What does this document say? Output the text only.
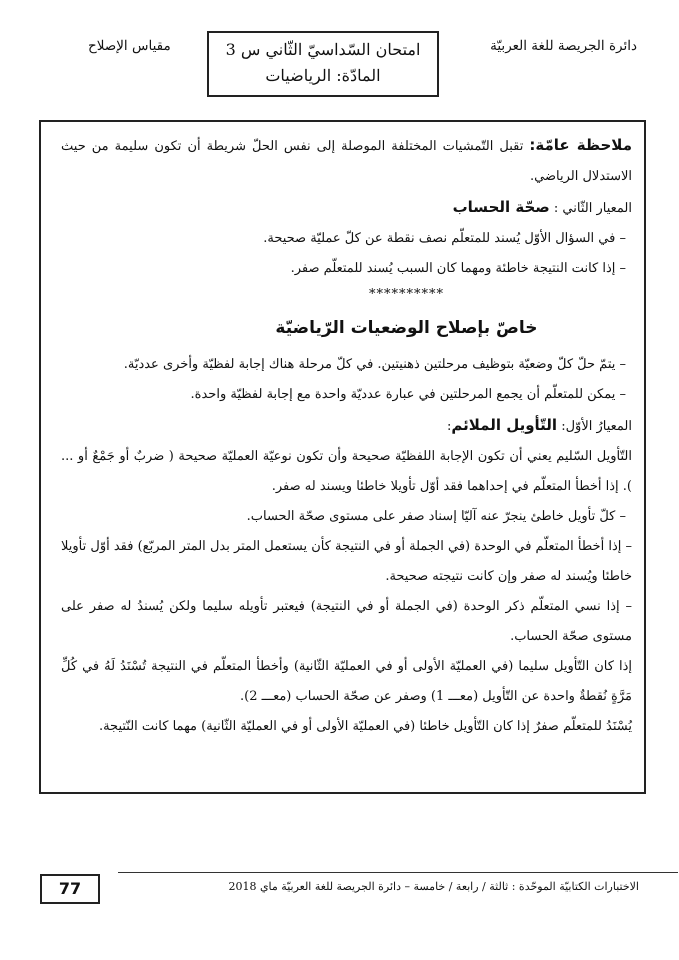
دائرة الجريصة للغة العربيّة
مقياس الإصلاح	امتحان السّداسيّ الثّاني س 3
المادّة: الرياضيات

ملاحظة عامّة: تقبل التّمشيات المختلفة الموصلة إلى نفس الحلّ شريطة أن تكون سليمة من حيث الاستدلال الرياضي.

المعيار الثّاني : صحّة الحساب

– في السؤال الأوّل يُسند للمتعلّم نصف نقطة عن كلّ عمليّة صحيحة.

– إذا كانت النتيجة خاطئة ومهما كان السبب يُسند للمتعلّم صفر.

**********
خاصّ بإصلاح الوضعيات الرّياضيّة

– يتمّ حلّ كلّ وضعيّة بتوظيف مرحلتين ذهنيتين. في كلّ مرحلة هناك إجابة لفظيّة وأخرى عدديّة.

– يمكن للمتعلّم أن يجمع المرحلتين في عبارة عدديّة واحدة مع إجابة لفظيّة واحدة.

المعيارُ الأوّل: التّأويل الملائم:

التّأويل السّليم يعني أن تكون الإجابة اللفظيّة صحيحة وأن تكون نوعيّة العمليّة صحيحة ( ضربٌ أو جَمْعٌ أو ... ). إذا أخطأ المتعلّم في إحداهما فقد أوّل تأويلا خاطئا ويسند له صفر.

– كلّ تأويل خاطئ ينجرّ عنه آليّا إسناد صفر على مستوى صحّة الحساب.

– إذا أخطأ المتعلّم في الوحدة (في الجملة أو في النتيجة كأن يستعمل المتر بدل المتر المربّع) فقد أوّل تأويلا خاطئا ويُسند له صفر وإن كانت نتيجته صحيحة.

– إذا نسي المتعلّم ذكر الوحدة (في الجملة أو في النتيجة) فيعتبر تأويله سليما ولكن يُسندُ له صفر على مستوى صحّة الحساب.

إذا كان التّأويل سليما (في العمليّة الأولى أو في العمليّة الثّانية) وأخطأ المتعلّم في النتيجة تُسْنَدُ لَهُ في كُلِّ مَرَّةٍ نُقطةٌ واحدة عن التّأويل (معـــ 1) وصفر عن صحّة الحساب (معـــ 2).

يُسْنَدُ للمتعلّم صفرٌ إذا كان التّأويل خاطئا (في العمليّة الأولى أو في العمليّة الثّانية) مهما كانت النّتيجة.

الاختبارات الكتابيّة الموحّدة : ثالثة / رابعة / خامسة – دائرة الجريصة للغة العربيّة ماي 2018
77
